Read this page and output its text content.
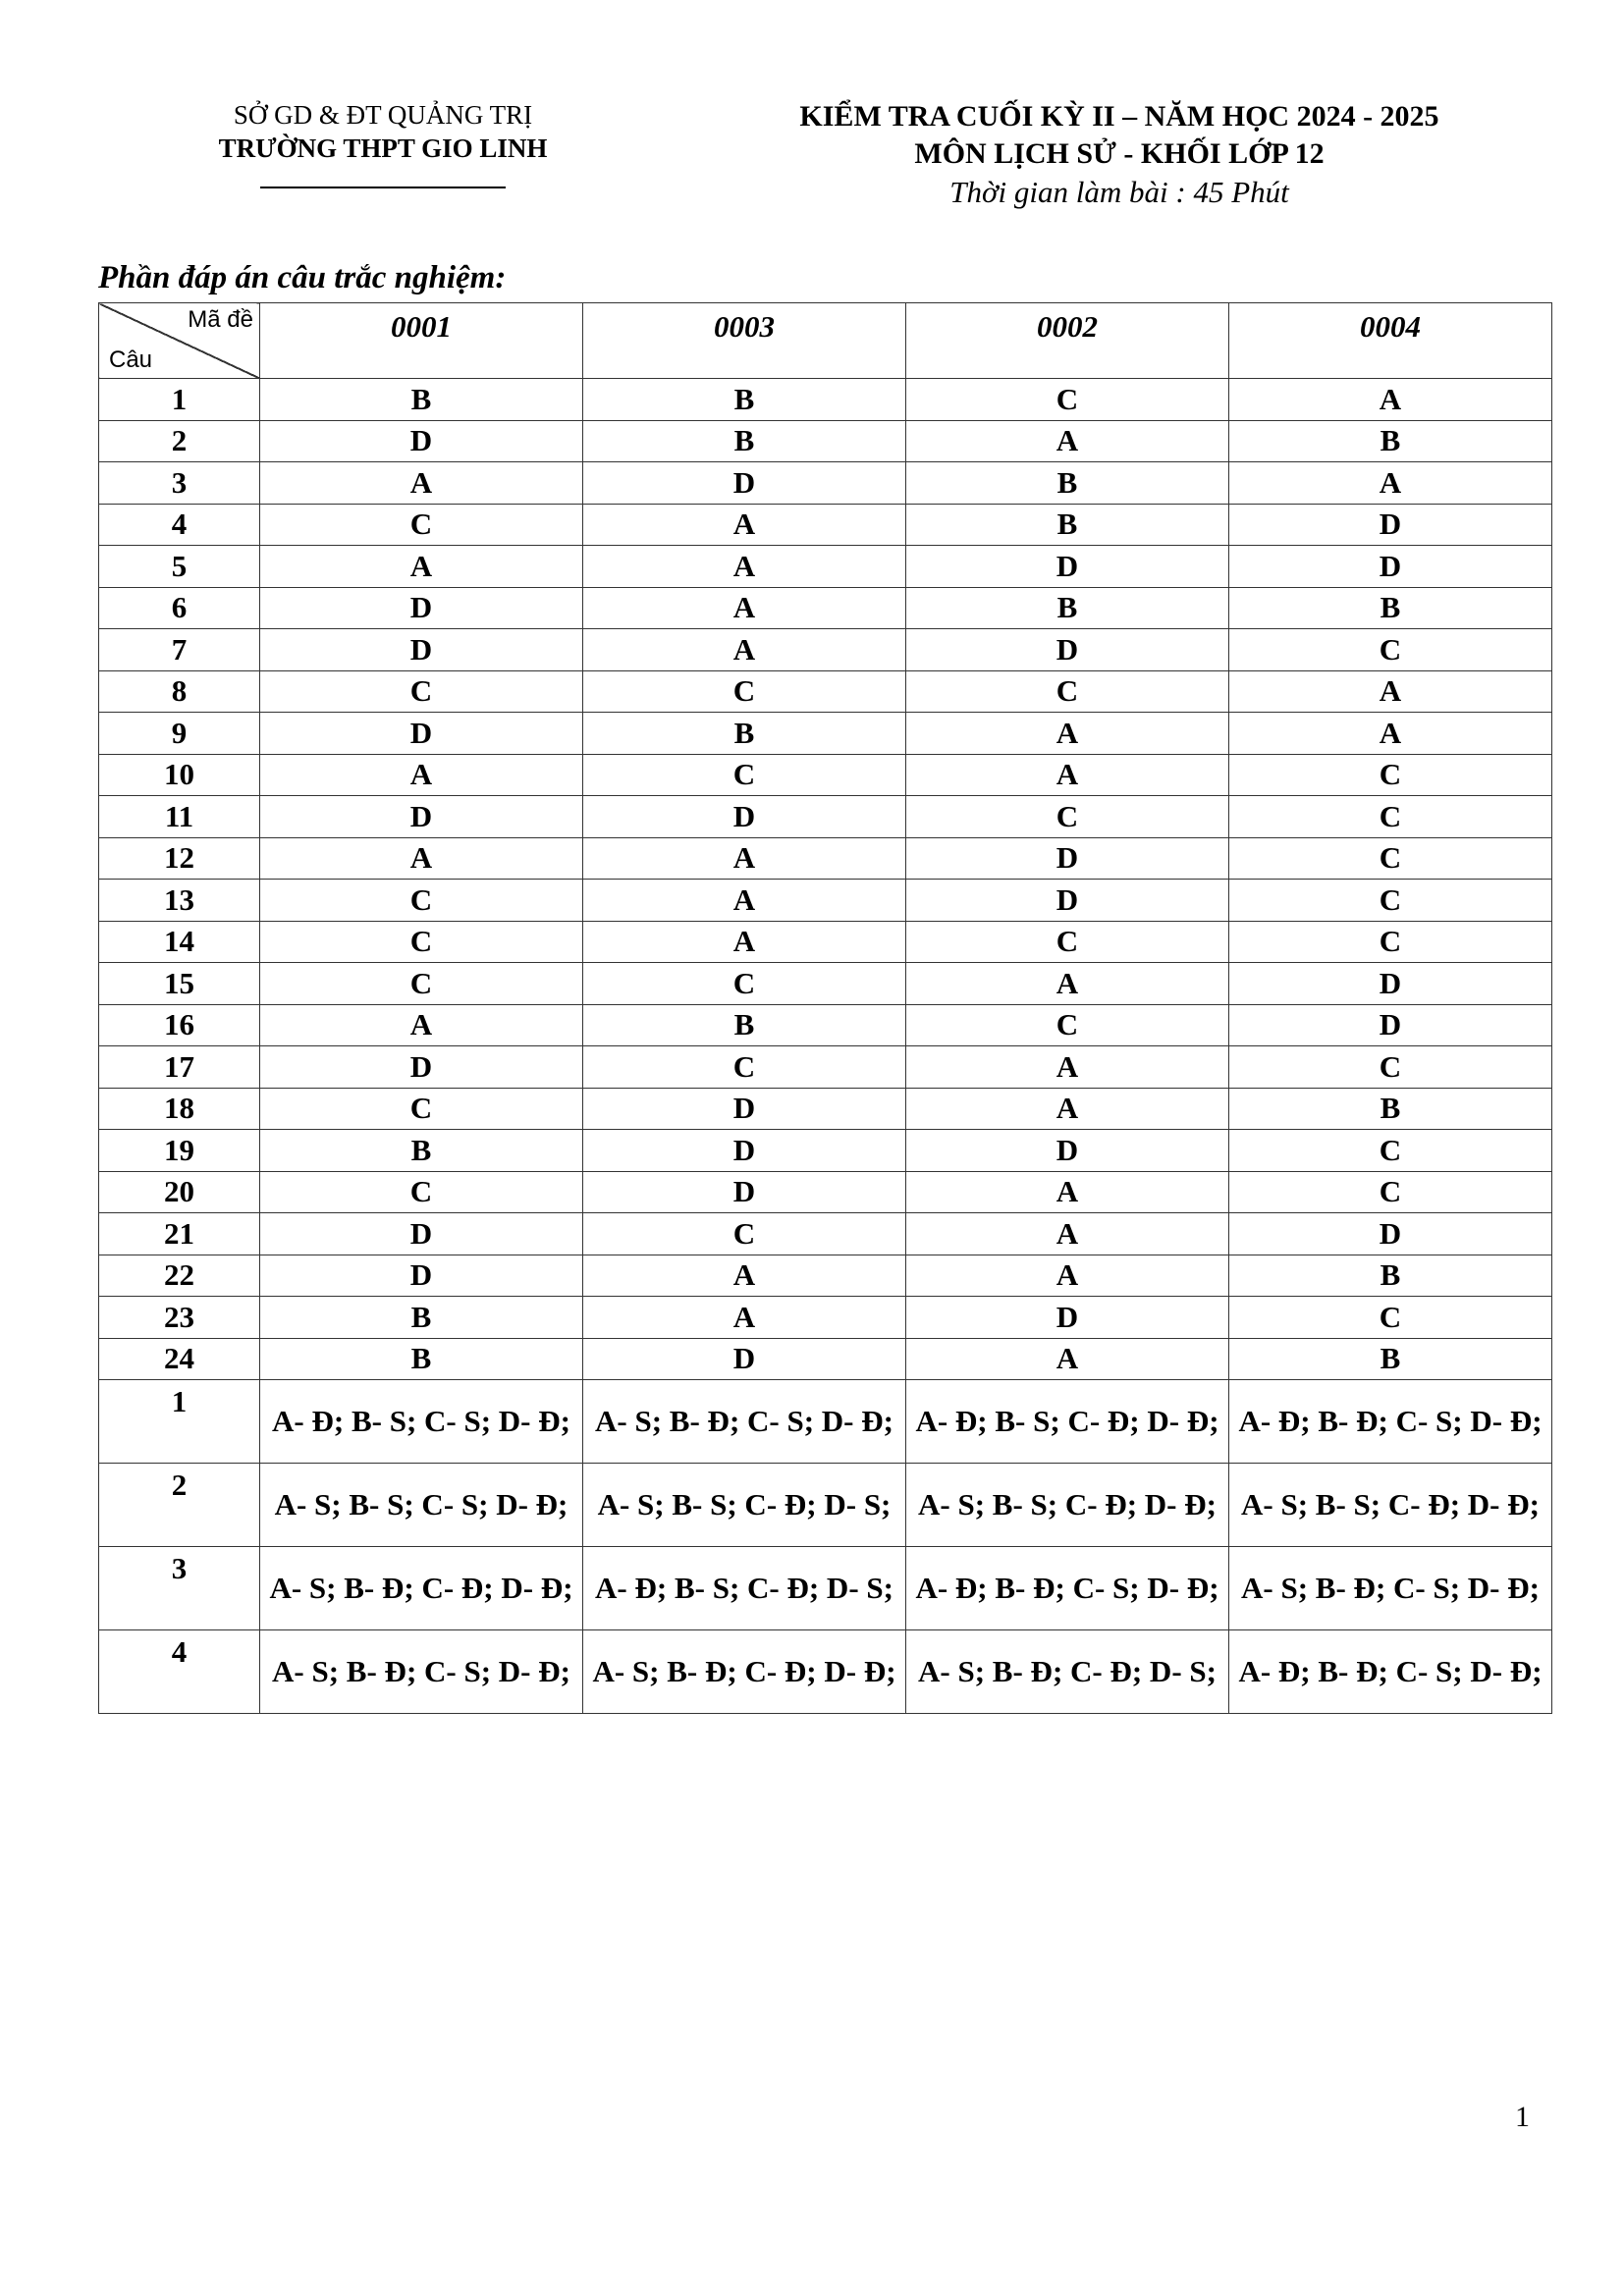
SỞ GD & ĐT QUẢNG TRỊ
TRƯỜNG THPT GIO LINH
KIỂM TRA CUỐI KỲ II – NĂM HỌC 2024 - 2025
MÔN LỊCH SỬ - KHỐI LỚP 12
Thời gian làm bài : 45 Phút
Phần đáp án câu trắc nghiệm:
Mã đề
Câu	0001	0003	0002	0004
1	B	B	C	A
2	D	B	A	B
3	A	D	B	A
4	C	A	B	D
5	A	A	D	D
6	D	A	B	B
7	D	A	D	C
8	C	C	C	A
9	D	B	A	A
10	A	C	A	C
11	D	D	C	C
12	A	A	D	C
13	C	A	D	C
14	C	A	C	C
15	C	C	A	D
16	A	B	C	D
17	D	C	A	C
18	C	D	A	B
19	B	D	D	C
20	C	D	A	C
21	D	C	A	D
22	D	A	A	B
23	B	A	D	C
24	B	D	A	B
1	A- Đ; B- S; C- S; D- Đ;	A- S; B- Đ; C- S; D- Đ;	A- Đ; B- S; C- Đ; D- Đ;	A- Đ; B- Đ; C- S; D- Đ;
2	A- S; B- S; C- S; D- Đ;	A- S; B- S; C- Đ; D- S;	A- S; B- S; C- Đ; D- Đ;	A- S; B- S; C- Đ; D- Đ;
3	A- S; B- Đ; C- Đ; D- Đ;	A- Đ; B- S; C- Đ; D- S;	A- Đ; B- Đ; C- S; D- Đ;	A- S; B- Đ; C- S; D- Đ;
4	A- S; B- Đ; C- S; D- Đ;	A- S; B- Đ; C- Đ; D- Đ;	A- S; B- Đ; C- Đ; D- S;	A- Đ; B- Đ; C- S; D- Đ;
1
